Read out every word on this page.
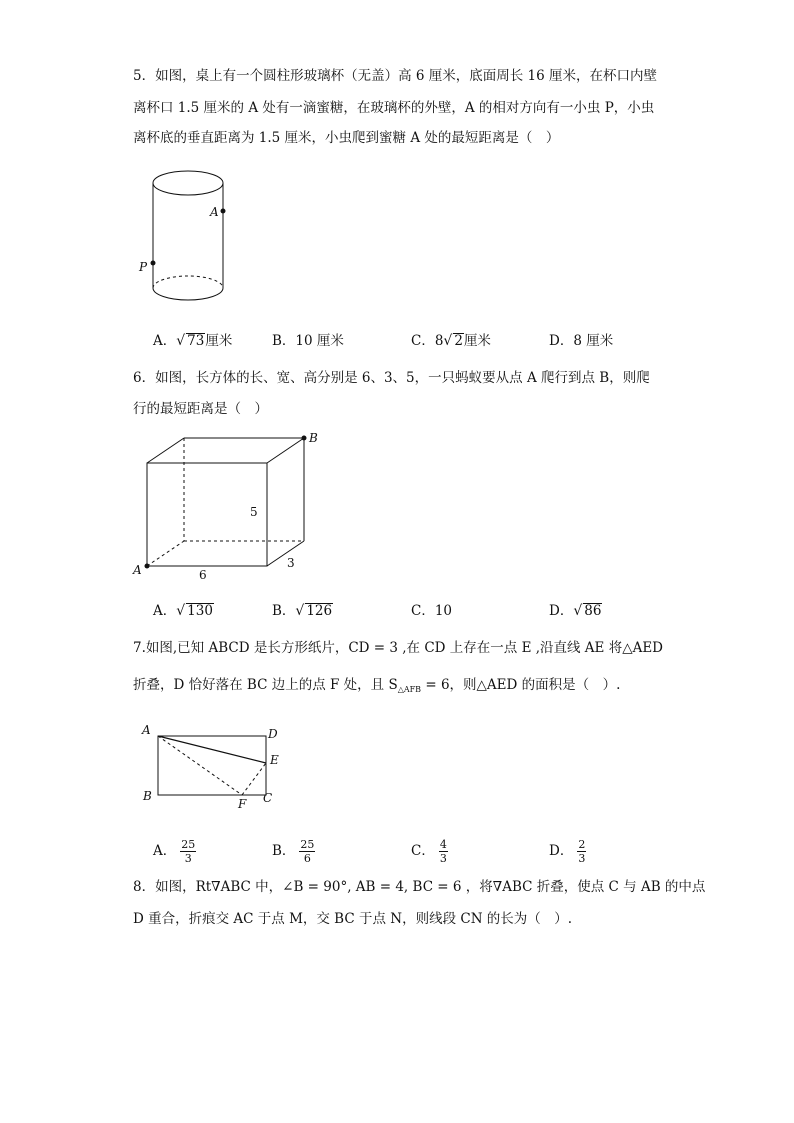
5．如图，桌上有一个圆柱形玻璃杯（无盖）高 6 厘米，底面周长 16 厘米，在杯口内壁
离杯口 1.5 厘米的 A 处有一滴蜜糖，在玻璃杯的外壁，A 的相对方向有一小虫 P，小虫
离杯底的垂直距离为 1.5 厘米，小虫爬到蜜糖 A 处的最短距离是（　）
A
P
A．√ 73厘米	B．10 厘米	C．8√ 2厘米	D．8 厘米
6．如图，长方体的长、宽、高分别是 6、3、5，一只蚂蚁要从点 A 爬行到点 B，则爬
行的最短距离是（　）
A
B
6
3
5
A．√ 130	B．√ 126	C．10	D．√ 86
7.如图,已知 ABCD 是长方形纸片，CD = 3 ,在 CD 上存在一点 E ,沿直线 AE 将△AED
折叠，D 恰好落在 BC 边上的点 F 处，且 $S_{\triangle AFB} = 6$，则△AED 的面积是（　）.
A	D
E
B	C
F
A． $\frac{25}{3}$	B． $\frac{25}{6}$	C． $\frac{4}{3}$	D． $\frac{2}{3}$
8．如图，Rt∇ABC 中，∠B = 90°, AB = 4, BC = 6 ，将∇ABC 折叠，使点 C 与 AB 的中点
D 重合，折痕交 AC 于点 M，交 BC 于点 N，则线段 CN 的长为（　）.
